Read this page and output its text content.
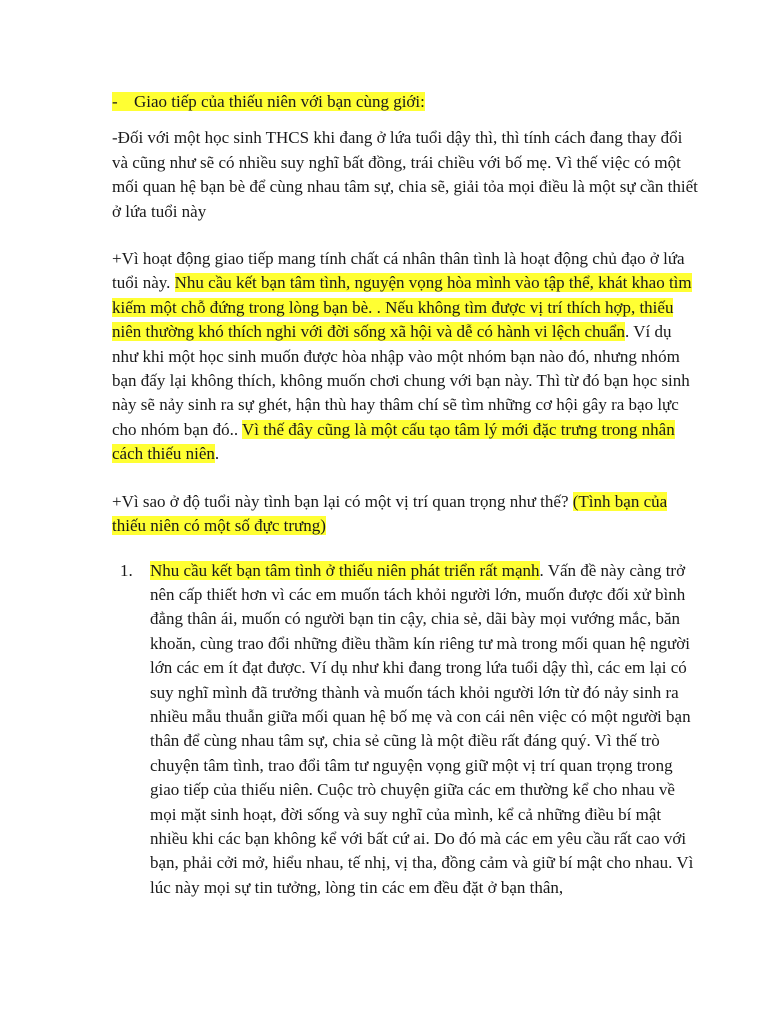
- Giao tiếp của thiếu niên với bạn cùng giới:

-Đối với một học sinh THCS khi đang ở lứa tuổi dậy thì, thì tính cách đang thay đổi và cũng như sẽ có nhiều suy nghĩ bất đồng, trái chiều với bố mẹ. Vì thế việc có một mối quan hệ bạn bè để cùng nhau tâm sự, chia sẽ, giải tỏa mọi điều là một sự cần thiết ở lứa tuổi này

+Vì hoạt động giao tiếp mang tính chất cá nhân thân tình là hoạt động chủ đạo ở lứa tuổi này. Nhu cầu kết bạn tâm tình, nguyện vọng hòa mình vào tập thể, khát khao tìm kiếm một chỗ đứng trong lòng bạn bè. . Nếu không tìm được vị trí thích hợp, thiếu niên thường khó thích nghi với đời sống xã hội và dễ có hành vi lệch chuẩn. Ví dụ như khi một học sinh muốn được hòa nhập vào một nhóm bạn nào đó, nhưng nhóm bạn đấy lại không thích, không muốn chơi chung với bạn này. Thì từ đó bạn học sinh này sẽ nảy sinh ra sự ghét, hận thù hay thâm chí sẽ tìm những cơ hội gây ra bạo lực cho nhóm bạn đó.. Vì thế đây cũng là một cấu tạo tâm lý mới đặc trưng trong nhân cách thiếu niên.

+Vì sao ở độ tuổi này tình bạn lại có một vị trí quan trọng như thế? (Tình bạn của thiếu niên có một số đực trưng)

1. Nhu cầu kết bạn tâm tình ở thiếu niên phát triển rất mạnh. Vấn đề này càng trở nên cấp thiết hơn vì các em muốn tách khỏi người lớn, muốn được đối xử bình đẳng thân ái, muốn có người bạn tin cậy, chia sẻ, dãi bày mọi vướng mắc, băn khoăn, cùng trao đổi những điều thầm kín riêng tư mà trong mối quan hệ người lớn các em ít đạt được. Ví dụ như khi đang trong lứa tuổi dậy thì, các em lại có suy nghĩ mình đã trưởng thành và muốn tách khỏi người lớn từ đó nảy sinh ra nhiều mẫu thuẫn giữa mối quan hệ bố mẹ và con cái nên việc có một người bạn thân để cùng nhau tâm sự, chia sẻ cũng là một điều rất đáng quý. Vì thế trò chuyện tâm tình, trao đổi tâm tư nguyện vọng giữ một vị trí quan trọng trong giao tiếp của thiếu niên. Cuộc trò chuyện giữa các em thường kể cho nhau về mọi mặt sinh hoạt, đời sống và suy nghĩ của mình, kể cả những điều bí mật nhiều khi các bạn không kể với bất cứ ai. Do đó mà các em yêu cầu rất cao với bạn, phải cởi mở, hiểu nhau, tế nhị, vị tha, đồng cảm và giữ bí mật cho nhau. Vì lúc này mọi sự tin tưởng, lòng tin các em đều đặt ở bạn thân,
